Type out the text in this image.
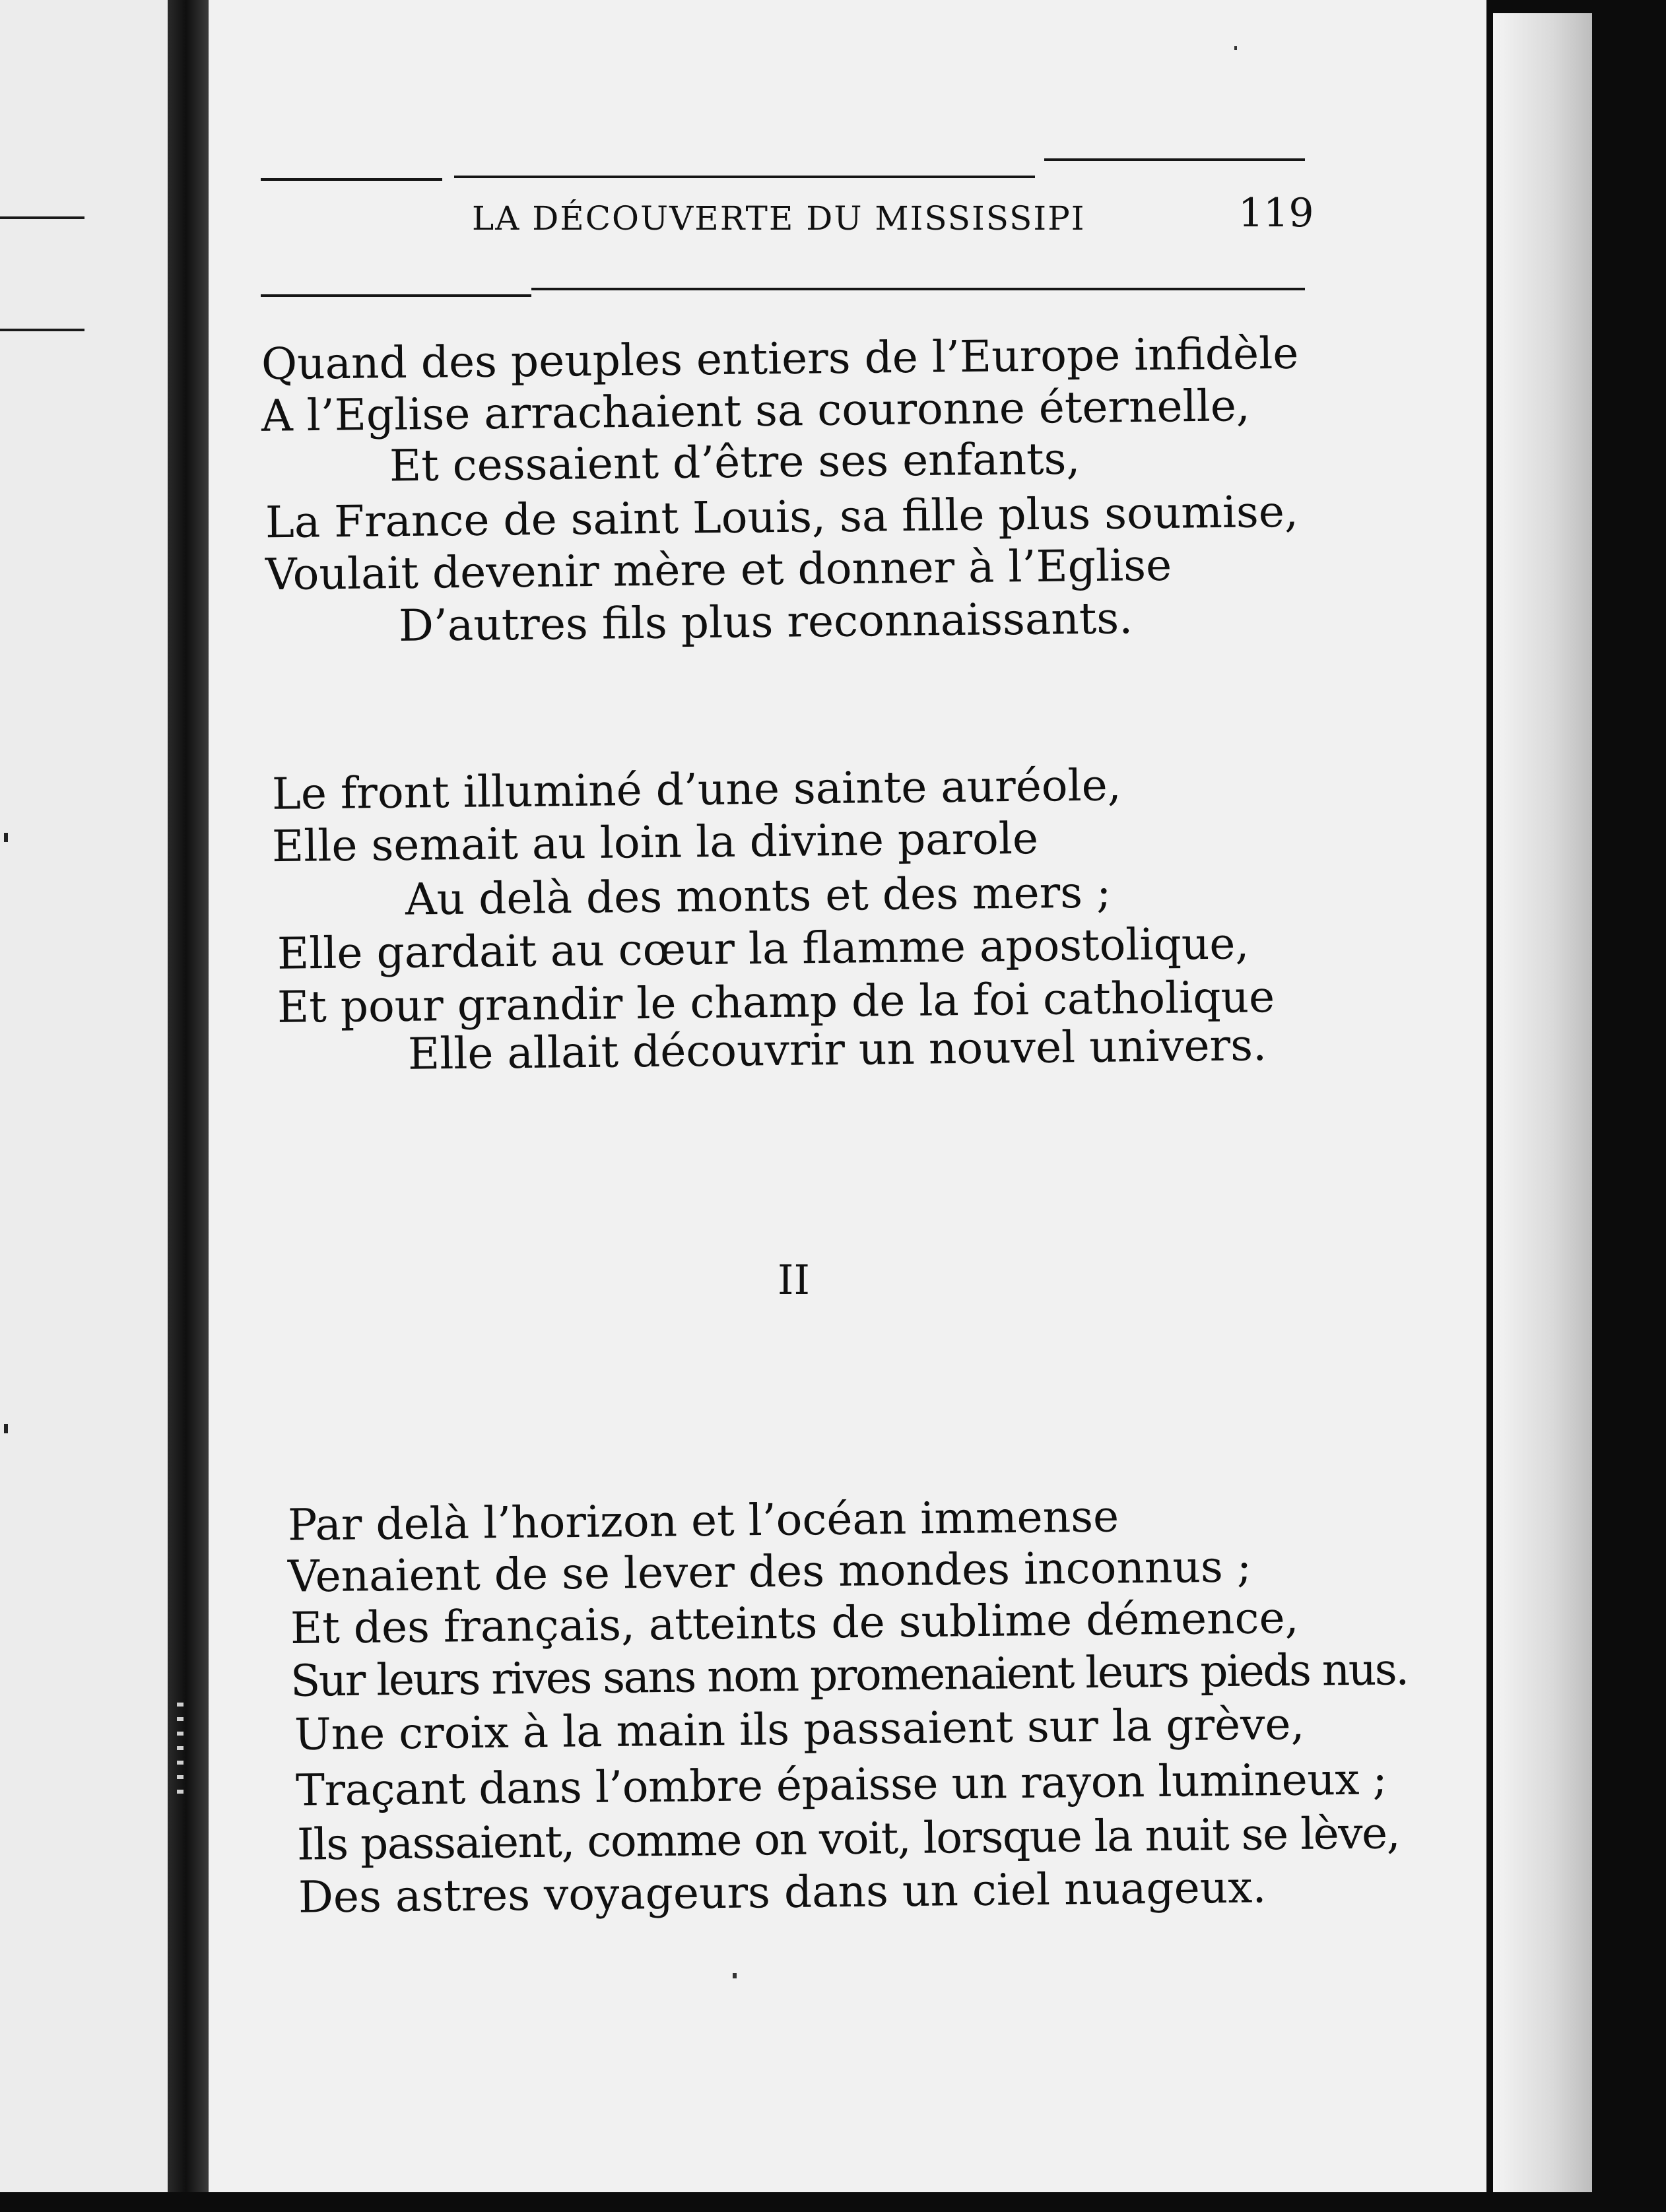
LA DÉCOUVERTE DU MISSISSIPI	119
Quand des peuples entiers de l’Europe infidèle
A l’Eglise arrachaient sa couronne éternelle,
Et cessaient d’être ses enfants,
La France de saint Louis, sa fille plus soumise,
Voulait devenir mère et donner à l’Eglise
D’autres fils plus reconnaissants.
Le front illuminé d’une sainte auréole,
Elle semait au loin la divine parole
Au delà des monts et des mers ;
Elle gardait au cœur la flamme apostolique,
Et pour grandir le champ de la foi catholique
Elle allait découvrir un nouvel univers.
II
Par delà l’horizon et l’océan immense
Venaient de se lever des mondes inconnus ;
Et des français, atteints de sublime démence,
Sur leurs rives sans nom promenaient leurs pieds nus.
Une croix à la main ils passaient sur la grève,
Traçant dans l’ombre épaisse un rayon lumineux ;
Ils passaient, comme on voit, lorsque la nuit se lève,
Des astres voyageurs dans un ciel nuageux.
